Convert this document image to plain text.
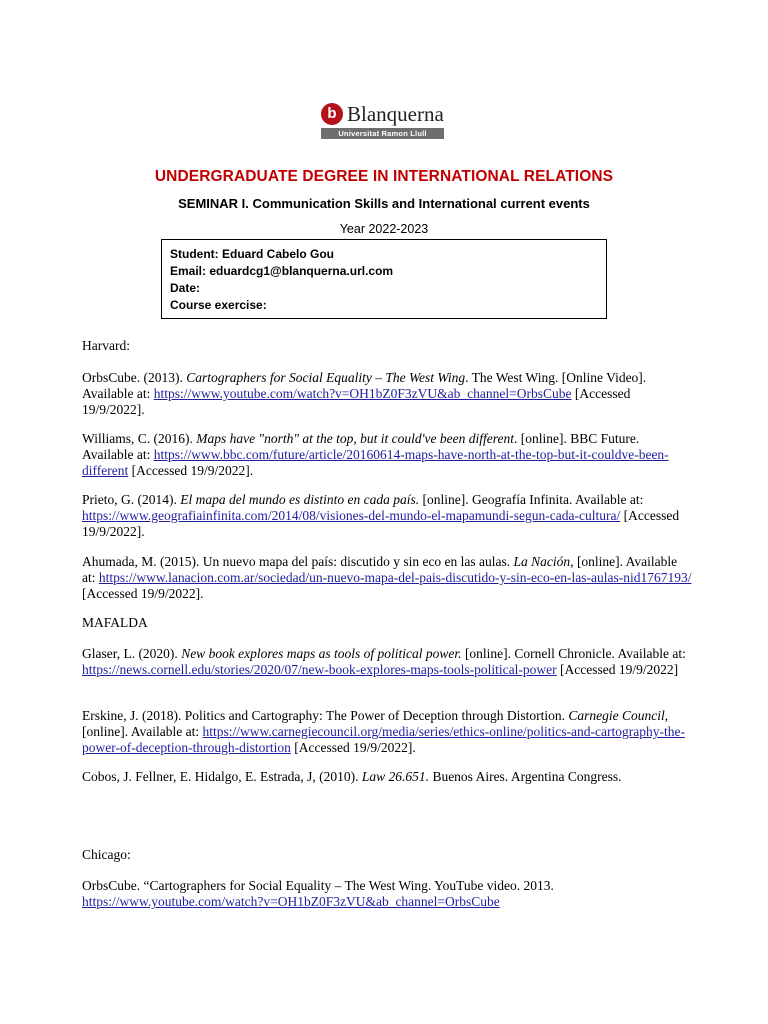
b Blanquerna
Universitat Ramon Llull
UNDERGRADUATE DEGREE IN INTERNATIONAL RELATIONS
SEMINAR I. Communication Skills and International current events
Year 2022-2023
Student: Eduard Cabelo Gou
Email: eduardcg1@blanquerna.url.com
Date:
Course exercise:

Harvard:

OrbsCube. (2013). Cartographers for Social Equality – The West Wing. The West Wing. [Online Video]. Available at: https://www.youtube.com/watch?v=OH1bZ0F3zVU&ab_channel=OrbsCube [Accessed 19/9/2022].

Williams, C. (2016). Maps have "north" at the top, but it could've been different. [online]. BBC Future. Available at: https://www.bbc.com/future/article/20160614-maps-have-north-at-the-top-but-it-couldve-been-different [Accessed 19/9/2022].

Prieto, G. (2014). El mapa del mundo es distinto en cada país. [online]. Geografía Infinita. Available at: https://www.geografiainfinita.com/2014/08/visiones-del-mundo-el-mapamundi-segun-cada-cultura/ [Accessed 19/9/2022].

Ahumada, M. (2015). Un nuevo mapa del país: discutido y sin eco en las aulas. La Nación, [online]. Available at: https://www.lanacion.com.ar/sociedad/un-nuevo-mapa-del-pais-discutido-y-sin-eco-en-las-aulas-nid1767193/ [Accessed 19/9/2022].

MAFALDA

Glaser, L. (2020). New book explores maps as tools of political power. [online]. Cornell Chronicle. Available at: https://news.cornell.edu/stories/2020/07/new-book-explores-maps-tools-political-power [Accessed 19/9/2022]

Erskine, J. (2018). Politics and Cartography: The Power of Deception through Distortion. Carnegie Council, [online]. Available at: https://www.carnegiecouncil.org/media/series/ethics-online/politics-and-cartography-the-power-of-deception-through-distortion [Accessed 19/9/2022].

Cobos, J. Fellner, E. Hidalgo, E. Estrada, J, (2010). Law 26.651. Buenos Aires. Argentina Congress.

Chicago:

OrbsCube. “Cartographers for Social Equality – The West Wing. YouTube video. 2013.

https://www.youtube.com/watch?v=OH1bZ0F3zVU&ab_channel=OrbsCube
